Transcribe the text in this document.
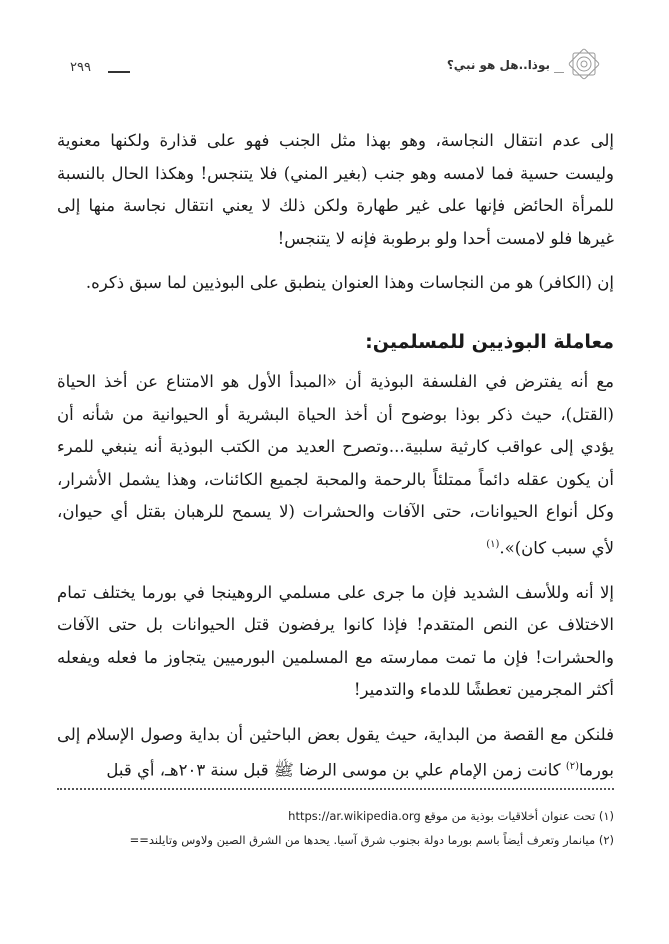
٢٩٩	بوذا..هل هو نبي؟

إلى عدم انتقال النجاسة، وهو بهذا مثل الجنب فهو على قذارة ولكنها معنوية وليست حسية فما لامسه وهو جنب (بغير المني) فلا يتنجس! وهكذا الحال بالنسبة للمرأة الحائض فإنها على غير طهارة ولكن ذلك لا يعني انتقال نجاسة منها إلى غيرها فلو لامست أحدا ولو برطوبة فإنه لا يتنجس!

إن (الكافر) هو من النجاسات وهذا العنوان ينطبق على البوذيين لما سبق ذكره.

معاملة البوذيين للمسلمين:

مع أنه يفترض في الفلسفة البوذية أن «المبدأ الأول هو الامتناع عن أخذ الحياة (القتل)، حيث ذكر بوذا بوضوح أن أخذ الحياة البشرية أو الحيوانية من شأنه أن يؤدي إلى عواقب كارثية سلبية...وتصرح العديد من الكتب البوذية أنه ينبغي للمرء أن يكون عقله دائماً ممتلئاً بالرحمة والمحبة لجميع الكائنات، وهذا يشمل الأشرار، وكل أنواع الحيوانات، حتى الآفات والحشرات (لا يسمح للرهبان بقتل أي حيوان، لأي سبب كان)».$^{(١)}$

إلا أنه وللأسف الشديد فإن ما جرى على مسلمي الروهينجا في بورما يختلف تمام الاختلاف عن النص المتقدم! فإذا كانوا يرفضون قتل الحيوانات بل حتى الآفات والحشرات! فإن ما تمت ممارسته مع المسلمين البورميين يتجاوز ما فعله ويفعله أكثر المجرمين تعطشًا للدماء والتدمير!

فلنكن مع القصة من البداية، حيث يقول بعض الباحثين أن بداية وصول الإسلام إلى بورما$^{(٢)}$ كانت زمن الإمام علي بن موسى الرضا ﷺ قبل سنة ٢٠٣هـ، أي قبل

(١) تحت عنوان أخلاقيات بوذية من موقع https://ar.wikipedia.org

(٢) ميانمار وتعرف أيضاً باسم بورما دولة بجنوب شرق آسيا. يحدها من الشرق الصين ولاوس وتايلند==
